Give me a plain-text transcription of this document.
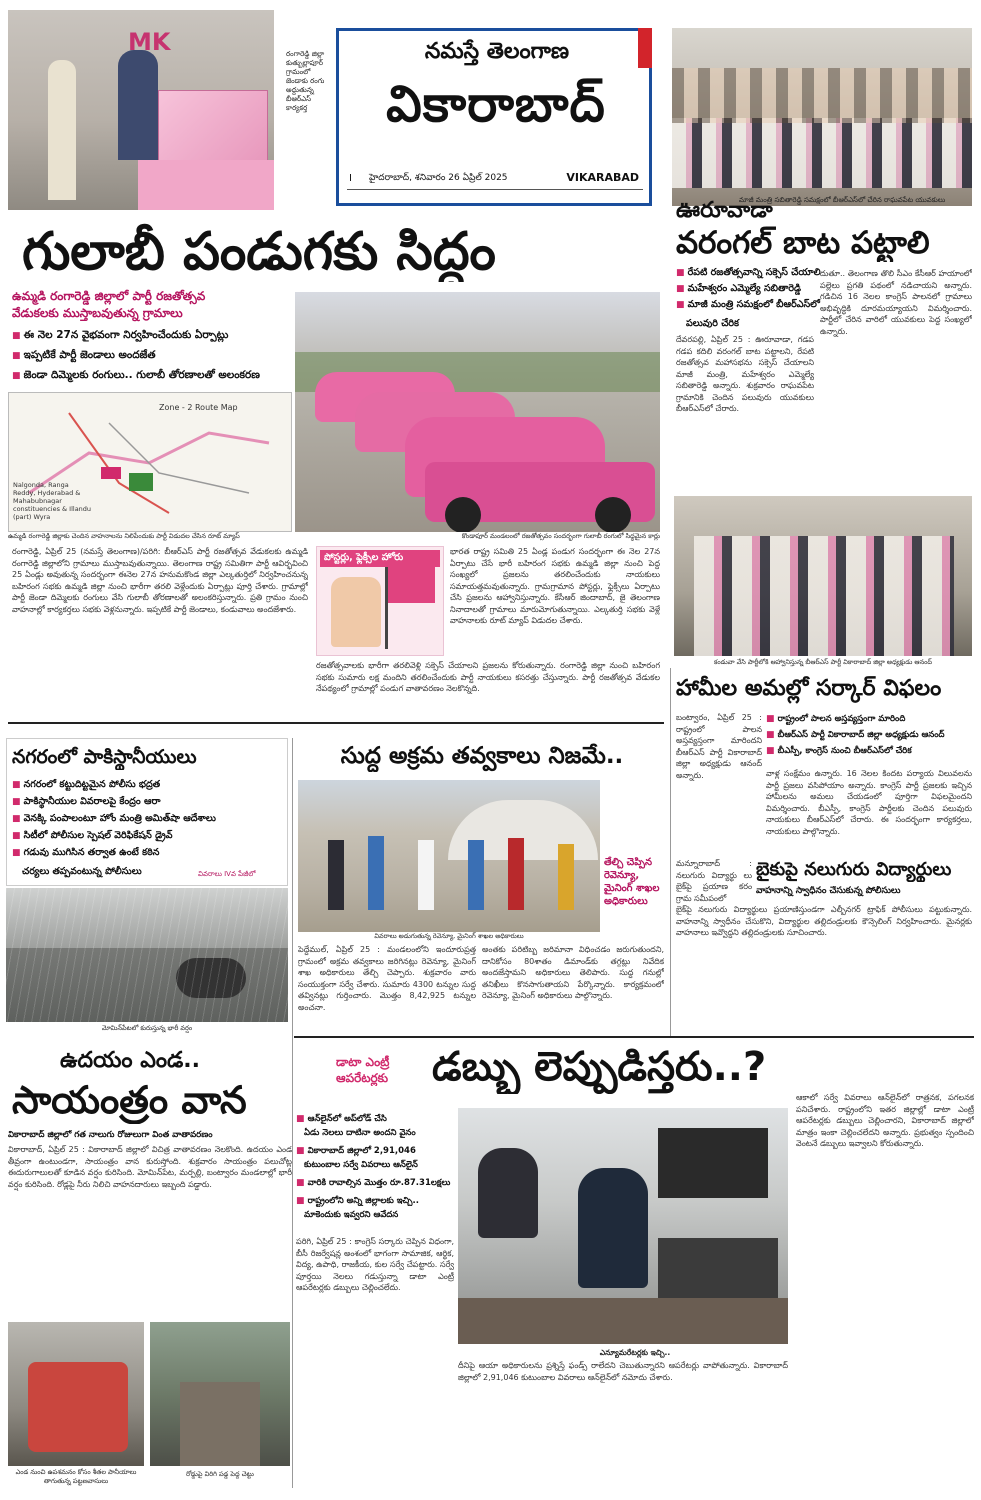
MK	రంగారెడ్డి జిల్లా కుత్బుల్లాపూర్ గ్రామంలో జెండాకు రంగు అద్దుతున్న బీఆర్ఎస్ కార్యకర్త
నమస్తే తెలంగాణ
వికారాబాద్
I హైదరాబాద్, శనివారం 26 ఏప్రిల్ 2025	VIKARABAD
మాజీ మంత్రి సబితారెడ్డి సమక్షంలో బీఆర్ఎస్‌లో చేరిన రాఘవపేట యువకులు
గులాబీ పండుగకు సిద్ధం
ఉమ్మడి రంగారెడ్డి జిల్లాలో పార్టీ రజతోత్సవ
వేడుకలకు ముస్తాబవుతున్న గ్రామాలు
■ ఈ నెల 27న వైభవంగా నిర్వహించేందుకు ఏర్పాట్లు
■ ఇప్పటికే పార్టీ జెండాలు అందజేత
■ జెండా దిమ్మెలకు రంగులు.. గులాబీ తోరణాలతో అలంకరణ
Zone - 2 Route Map
Nalgonda, Ranga Reddy, Hyderabad & Mahabubnagar constituencies & Illandu (part) Wyra
ఉమ్మడి రంగారెడ్డి జిల్లాకు చెందిన వాహనాలను నిలిపేందుకు పార్టీ విడుదల చేసిన రూట్ మ్యాప్	కొండాపూర్ మండలంలో రజతోత్సవం సందర్భంగా గులాబీ రంగులో సిద్ధమైన కార్లు
రంగారెడ్డి, ఏప్రిల్ 25 (నమస్తే తెలంగాణ)/పరిగి: బీఆర్ఎస్ పార్టీ రజతోత్సవ వేడుకలకు ఉమ్మడి రంగారెడ్డి జిల్లాలోని గ్రామాలు ముస్తాబవుతున్నాయి. తెలంగాణ రాష్ట్ర సమితిగా పార్టీ ఆవిర్భవించి 25 ఏండ్లు అవుతున్న సందర్భంగా ఈనెల 27న హనుమకొండ జిల్లా ఎల్కతుర్తిలో నిర్వహించనున్న బహిరంగ సభకు ఉమ్మడి జిల్లా నుంచి భారీగా తరలి వెళ్లేందుకు ఏర్పాట్లు పూర్తి చేశారు. గ్రామాల్లో పార్టీ జెండా దిమ్మెలకు రంగులు వేసి గులాబీ తోరణాలతో అలంకరిస్తున్నారు. ప్రతి గ్రామం నుంచి వాహనాల్లో కార్యకర్తలు సభకు వెళ్లనున్నారు. ఇప్పటికే పార్టీ జెండాలు, కండువాలు అందజేశారు.
పోస్టర్లు, ఫ్లెక్సీల హోరు
భారత రాష్ట్ర సమితి 25 ఏండ్ల పండుగ సందర్భంగా ఈ నెల 27న ఏర్పాటు చేసే భారీ బహిరంగ సభకు ఉమ్మడి జిల్లా నుంచి పెద్ద సంఖ్యలో ప్రజలను తరలించేందుకు నాయకులు సమాయత్తమవుతున్నారు. గ్రామగ్రామాన పోస్టర్లు, ఫ్లెక్సీలు ఏర్పాటు చేసి ప్రజలను ఆహ్వానిస్తున్నారు. కేసీఆర్ జిందాబాద్, జై తెలంగాణ నినాదాలతో గ్రామాలు మారుమోగుతున్నాయి. ఎల్కతుర్తి సభకు వెళ్లే వాహనాలకు రూట్ మ్యాప్ విడుదల చేశారు.
రజతోత్సవాలకు భారీగా తరలివెళ్లి సక్సెస్ చేయాలని ప్రజలను కోరుతున్నారు. రంగారెడ్డి జిల్లా నుంచి బహిరంగ సభకు సుమారు లక్ష మందిని తరలించేందుకు పార్టీ నాయకులు కసరత్తు చేస్తున్నారు. పార్టీ రజతోత్సవ వేడుకల నేపథ్యంలో గ్రామాల్లో పండుగ వాతావరణం నెలకొన్నది.
ఊరూవాడా
వరంగల్ బాట పట్టాలి
■ రేపటి రజతోత్సవాన్ని సక్సెస్ చేయాలి
■ మహేశ్వరం ఎమ్మెల్యే సబితారెడ్డి
■ మాజీ మంత్రి సమక్షంలో బీఆర్ఎస్‌లో
పలువురి చేరిక
దేవరపల్లి, ఏప్రిల్ 25 : ఊరూవాడా, గడప గడప కదిలి వరంగల్ బాట పట్టాలని, రేపటి రజతోత్సవ మహాసభను సక్సెస్ చేయాలని మాజీ మంత్రి, మహేశ్వరం ఎమ్మెల్యే సబితారెడ్డి అన్నారు. శుక్రవారం రాఘవపేట గ్రామానికి చెందిన పలువురు యువకులు బీఆర్ఎస్‌లో చేరారు.
దుతూ.. తెలంగాణ తొలి సీఎం కేసీఆర్ హయాంలో పల్లెలు ప్రగతి పథంలో నడిచాయని అన్నారు. గడిచిన 16 నెలల కాంగ్రెస్ పాలనలో గ్రామాలు అభివృద్ధికి దూరమయ్యాయని విమర్శించారు. పార్టీలో చేరిన వారిలో యువకులు పెద్ద సంఖ్యలో ఉన్నారు.
కండువా వేసి పార్టీలోకి ఆహ్వానిస్తున్న బీఆర్ఎస్ పార్టీ వికారాబాద్ జిల్లా అధ్యక్షుడు ఆనంద్
హామీల అమల్లో సర్కార్ విఫలం
బంట్వారం, ఏప్రిల్ 25 : రాష్ట్రంలో పాలన అస్తవ్యస్తంగా మారిందని బీఆర్ఎస్ పార్టీ వికారాబాద్ జిల్లా అధ్యక్షుడు ఆనంద్ అన్నారు.
■ రాష్ట్రంలో పాలన అస్తవ్యస్తంగా మారింది
■ బీఆర్ఎస్ పార్టీ వికారాబాద్ జిల్లా అధ్యక్షుడు ఆనంద్
■ బీఎస్పీ, కాంగ్రెస్ నుంచి బీఆర్ఎస్‌లో చేరిక
వాళ్ల సంక్షేమం ఉన్నారు. 16 నెలల కిందట పర్యాయ విలువలను పార్టీ ప్రజలు వసిపోయాం అన్నారు. కాంగ్రెస్ పార్టీ ప్రజలకు ఇచ్చిన హామీలను అమలు చేయడంలో పూర్తిగా విఫలమైందని విమర్శించారు. బీఎస్పీ, కాంగ్రెస్ పార్టీలకు చెందిన పలువురు నాయకులు బీఆర్ఎస్‌లో చేరారు. ఈ సందర్భంగా కార్యకర్తలు, నాయకులు పాల్గొన్నారు.
నగరంలో పాకిస్థానీయులు
■ నగరంలో కట్టుదిట్టమైన పోలీసు భద్రత
■ పాకిస్థానీయుల వివరాలపై కేంద్రం ఆరా
■ వెనక్కి పంపాలంటూ హోం మంత్రి అమిత్‌షా ఆదేశాలు
■ సిటీలో పోలీసుల స్పెషల్ వెరిఫికేషన్ డ్రైవ్
■ గడువు ముగిసిన తర్వాత ఉంటే కఠిన
చర్యలు తప్పవంటున్న పోలీసులు	వివరాలు IVవ పేజీలో
మోమిన్‌పేటలో కురుస్తున్న భారీ వర్షం
ఉదయం ఎండ..
సాయంత్రం వాన
వికారాబాద్ జిల్లాలో గత నాలుగు రోజులుగా వింత వాతావరణం
వికారాబాద్, ఏప్రిల్ 25 : వికారాబాద్ జిల్లాలో విచిత్ర వాతావరణం నెలకొంది. ఉదయం ఎండ తీవ్రంగా ఉంటుండగా, సాయంత్రం వాన కురుస్తోంది. శుక్రవారం సాయంత్రం పలుచోట్ల ఈదురుగాలులతో కూడిన వర్షం కురిసింది. మోమిన్‌పేట, మర్పల్లి, బంట్వారం మండలాల్లో భారీ వర్షం కురిసింది. రోడ్లపై నీరు నిలిచి వాహనదారులు ఇబ్బంది పడ్డారు.
ఎండ నుంచి ఉపశమనం కోసం శీతల పానీయాలు తాగుతున్న పట్టణవాసులు
రోడ్డుపై విరిగి పడ్డ పెద్ద చెట్టు
సుద్ద అక్రమ తవ్వకాలు నిజమే..
వివరాలు అడుగుతున్న రెవెన్యూ, మైనింగ్ శాఖల అధికారులు
తేల్చి చెప్పిన రెవెన్యూ, మైనింగ్ శాఖల అధికారులు
పెద్దేముల్, ఏప్రిల్ 25 : మండలంలోని ఇందూరుప్రత్త గ్రామంలో అక్రమ తవ్వకాలు జరిగినట్లు రెవెన్యూ, మైనింగ్ శాఖ అధికారులు తేల్చి చెప్పారు. శుక్రవారం వారు సంయుక్తంగా సర్వే చేశారు. సుమారు 4300 టన్నుల సుద్ద తవ్వినట్లు గుర్తించారు. మొత్తం 8,42,925 టన్నుల అంచనా.
అంతకు పరిటిబ్బ జరిమానా విధించడం జరుగుతుందని, దానికోసం 80శాతం డిమాండ్‌కు తగ్గట్లు నివేదిక అందజేస్తామని అధికారులు తెలిపారు. సుద్ద గనుల్లో తనిఖీలు కొనసాగుతాయని పేర్కొన్నారు. కార్యక్రమంలో రెవెన్యూ, మైనింగ్ అధికారులు పాల్గొన్నారు.
మన్నూరాబాద్ : నలుగురు విద్యార్థు లు బైక్‌పై ప్రయాణ కరం గ్రామ సమీపంలో
బైకుపై నలుగురు విద్యార్థులు
వాహనాన్ని స్వాధీనం చేసుకున్న పోలీసులు
బైక్‌పై నలుగురు విద్యార్థులు ప్రయాణిస్తుండగా ఎల్బీనగర్ ట్రాఫిక్ పోలీసులు పట్టుకున్నారు. వాహనాన్ని స్వాధీనం చేసుకొని, విద్యార్థుల తల్లిదండ్రులకు కౌన్సెలింగ్ నిర్వహించారు. మైనర్లకు వాహనాలు ఇవ్వొద్దని తల్లిదండ్రులకు సూచించారు.
డాటా ఎంట్రీ ఆపరేటర్లకు	డబ్బు లెప్పుడిస్తరు..?
■ ఆన్‌లైన్‌లో అప్‌లోడ్ చేసి
ఏడు నెలలు దాటినా అందని వైనం
■ వికారాబాద్ జిల్లాలో 2,91,046
కుటుంబాల సర్వే వివరాలు ఆన్‌లైన్
■ వారికి రావాల్సిన మొత్తం రూ.87.31లక్షలు
■ రాష్ట్రంలోని అన్ని జిల్లాలకు ఇచ్చి..
మాకెందుకు ఇవ్వరని ఆవేదన
ఎన్యూమరేటర్లకు ఇచ్చి..
పరిగి, ఏప్రిల్ 25 : కాంగ్రెస్ సర్కారు చెప్పిన విధంగా, బీసీ రిజర్వేషన్ల అంశంలో భాగంగా సామాజిక, ఆర్థిక, విద్య, ఉపాధి, రాజకీయ, కుల సర్వే చేపట్టారు. సర్వే పూర్తయి నెలలు గడుస్తున్నా డాటా ఎంట్రీ ఆపరేటర్లకు డబ్బులు చెల్లించలేదు.
దీనిపై ఆయా అధికారులను ప్రశ్నిస్తే ఫండ్స్ రాలేదని చెబుతున్నారని ఆపరేటర్లు వాపోతున్నారు. వికారాబాద్ జిల్లాలో 2,91,046 కుటుంబాల వివరాలు ఆన్‌లైన్‌లో నమోదు చేశారు.
ఆకాలో సర్వే వివరాలు ఆన్‌లైన్‌లో రాత్రనక, పగలనక పనిచేశారు. రాష్ట్రంలోని ఇతర జిల్లాల్లో డాటా ఎంట్రీ ఆపరేటర్లకు డబ్బులు చెల్లించారని, వికారాబాద్ జిల్లాలో మాత్రం ఇంకా చెల్లించలేదని అన్నారు. ప్రభుత్వం స్పందించి వెంటనే డబ్బులు ఇవ్వాలని కోరుతున్నారు.
